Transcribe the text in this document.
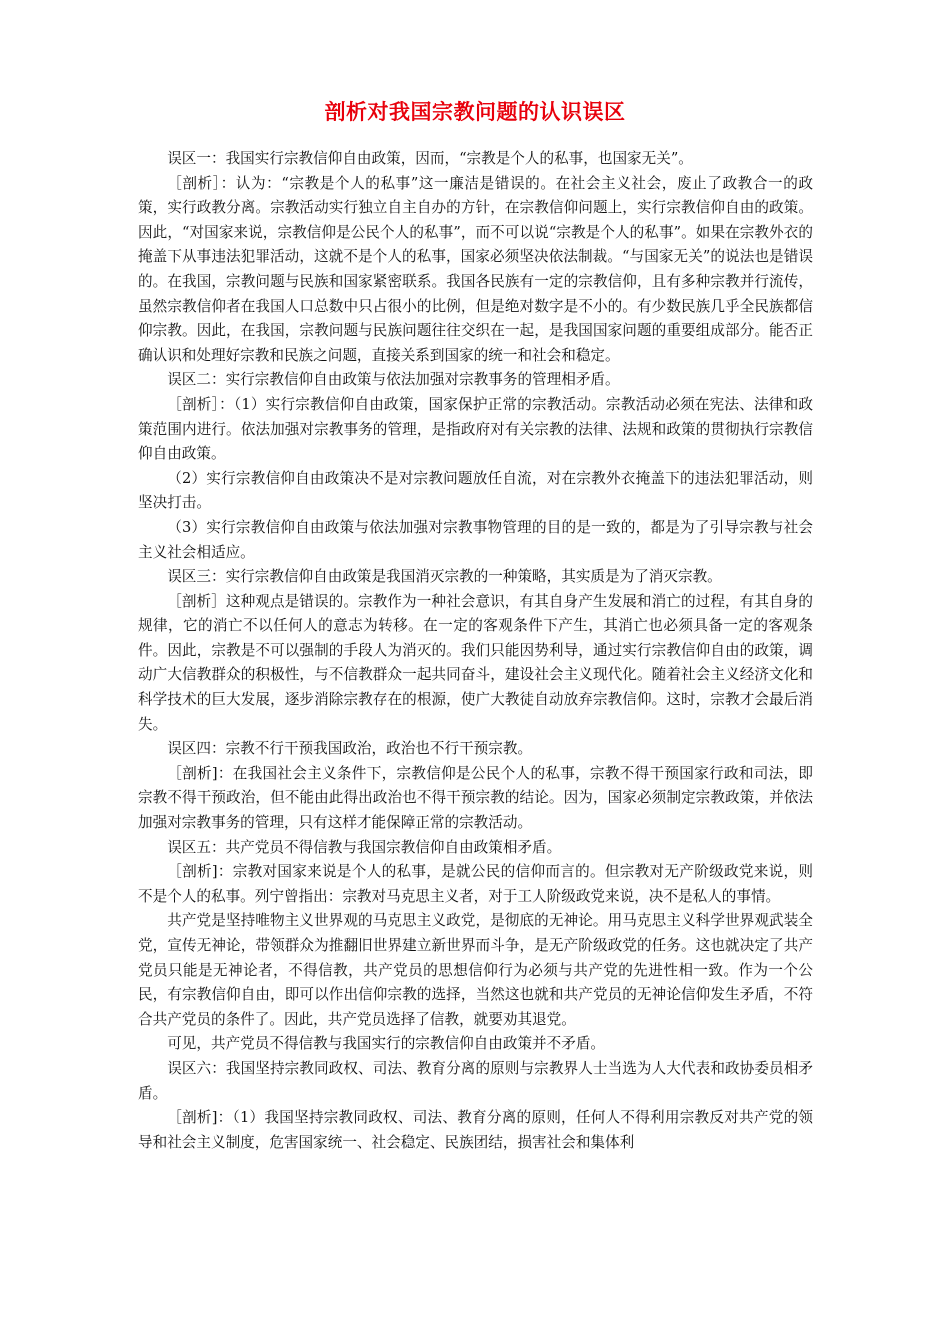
剖析对我国宗教问题的认识误区

误区一：我国实行宗教信仰自由政策，因而，“宗教是个人的私事，也国家无关”。

［剖析］：认为：“宗教是个人的私事”这一廉洁是错误的。在社会主义社会，废止了政教合一的政策，实行政教分离。宗教活动实行独立自主自办的方针，在宗教信仰问题上，实行宗教信仰自由的政策。因此，“对国家来说，宗教信仰是公民个人的私事”，而不可以说“宗教是个人的私事”。如果在宗教外衣的掩盖下从事违法犯罪活动，这就不是个人的私事，国家必须坚决依法制裁。“与国家无关”的说法也是错误的。在我国，宗教问题与民族和国家紧密联系。我国各民族有一定的宗教信仰，且有多种宗教并行流传，虽然宗教信仰者在我国人口总数中只占很小的比例，但是绝对数字是不小的。有少数民族几乎全民族都信仰宗教。因此，在我国，宗教问题与民族问题往往交织在一起，是我国国家问题的重要组成部分。能否正确认识和处理好宗教和民族之问题，直接关系到国家的统一和社会和稳定。

误区二：实行宗教信仰自由政策与依法加强对宗教事务的管理相矛盾。

［剖析］：（1）实行宗教信仰自由政策，国家保护正常的宗教活动。宗教活动必须在宪法、法律和政策范围内进行。依法加强对宗教事务的管理，是指政府对有关宗教的法律、法规和政策的贯彻执行宗教信仰自由政策。

（2）实行宗教信仰自由政策决不是对宗教问题放任自流，对在宗教外衣掩盖下的违法犯罪活动，则坚决打击。

（3）实行宗教信仰自由政策与依法加强对宗教事物管理的目的是一致的，都是为了引导宗教与社会主义社会相适应。

误区三：实行宗教信仰自由政策是我国消灭宗教的一种策略，其实质是为了消灭宗教。

［剖析］这种观点是错误的。宗教作为一种社会意识，有其自身产生发展和消亡的过程，有其自身的规律，它的消亡不以任何人的意志为转移。在一定的客观条件下产生，其消亡也必须具备一定的客观条件。因此，宗教是不可以强制的手段人为消灭的。我们只能因势利导，通过实行宗教信仰自由的政策，调动广大信教群众的积极性，与不信教群众一起共同奋斗，建设社会主义现代化。随着社会主义经济文化和科学技术的巨大发展，逐步消除宗教存在的根源，使广大教徒自动放弃宗教信仰。这时，宗教才会最后消失。

误区四：宗教不行干预我国政治，政治也不行干预宗教。

［剖析]：在我国社会主义条件下，宗教信仰是公民个人的私事，宗教不得干预国家行政和司法，即宗教不得干预政治，但不能由此得出政治也不得干预宗教的结论。因为，国家必须制定宗教政策，并依法加强对宗教事务的管理，只有这样才能保障正常的宗教活动。

误区五：共产党员不得信教与我国宗教信仰自由政策相矛盾。

［剖析]：宗教对国家来说是个人的私事，是就公民的信仰而言的。但宗教对无产阶级政党来说，则不是个人的私事。列宁曾指出：宗教对马克思主义者，对于工人阶级政党来说，决不是私人的事情。

共产党是坚持唯物主义世界观的马克思主义政党，是彻底的无神论。用马克思主义科学世界观武装全党，宣传无神论，带领群众为推翻旧世界建立新世界而斗争，是无产阶级政党的任务。这也就决定了共产党员只能是无神论者，不得信教，共产党员的思想信仰行为必须与共产党的先进性相一致。作为一个公民，有宗教信仰自由，即可以作出信仰宗教的选择，当然这也就和共产党员的无神论信仰发生矛盾，不符合共产党员的条件了。因此，共产党员选择了信教，就要劝其退党。

可见，共产党员不得信教与我国实行的宗教信仰自由政策并不矛盾。

误区六：我国坚持宗教同政权、司法、教育分离的原则与宗教界人士当选为人大代表和政协委员相矛盾。

［剖析]：（1）我国坚持宗教同政权、司法、教育分离的原则，任何人不得利用宗教反对共产党的领导和社会主义制度，危害国家统一、社会稳定、民族团结，损害社会和集体利
